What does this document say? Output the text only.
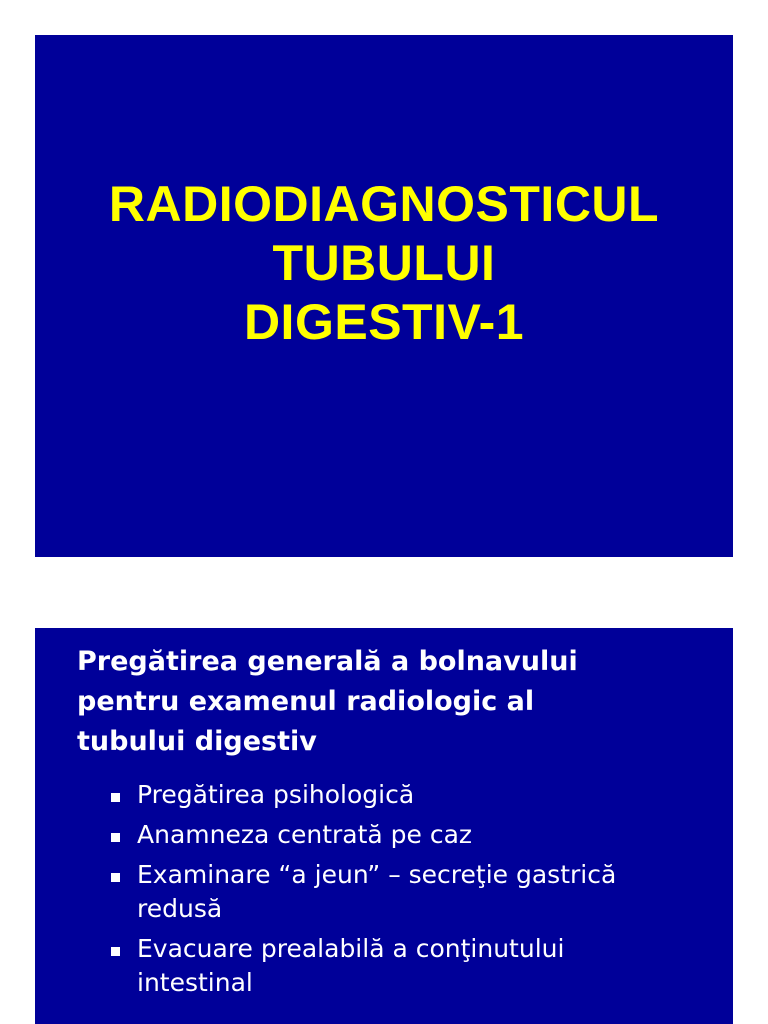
RADIODIAGNOSTICUL
TUBULUI
DIGESTIV-1
Pregătirea generală a bolnavului
pentru examenul radiologic al
tubului digestiv
Pregătirea psihologică
Anamneza centrată pe caz
Examinare “a jeun” – secreţie gastrică
redusă
Evacuare prealabilă a conţinutului
intestinal
